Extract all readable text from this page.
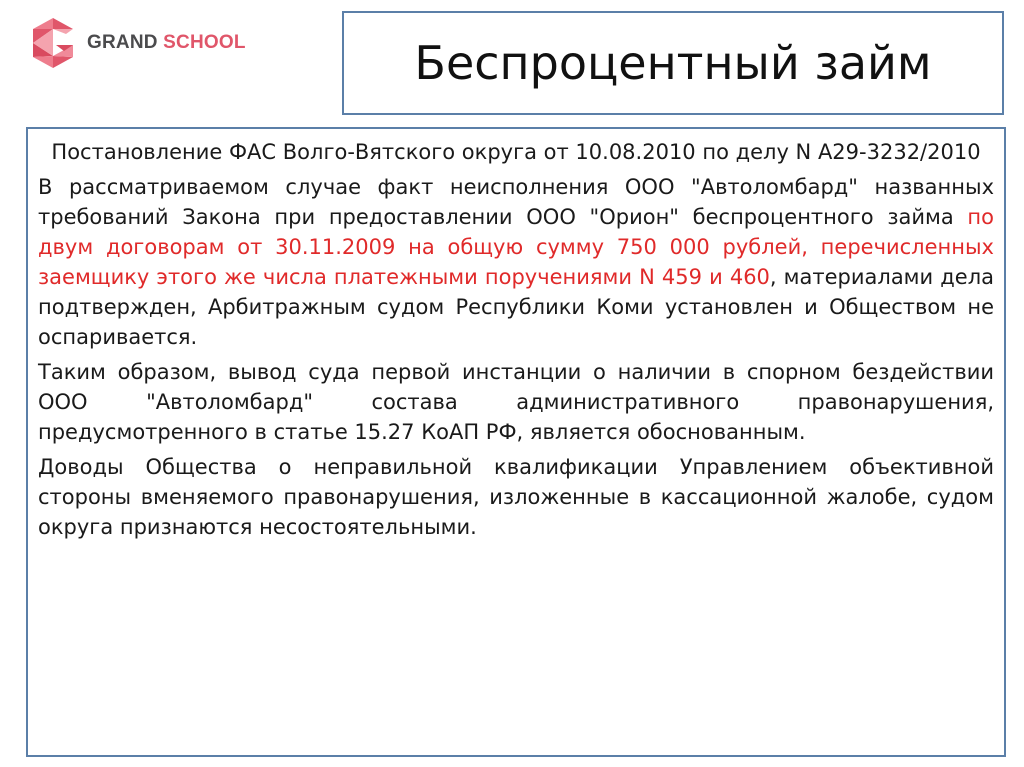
GRAND SCHOOL	Беспроцентный займ

Постановление ФАС Волго-Вятского округа от 10.08.2010 по делу N А29-3232/2010

В рассматриваемом случае факт неисполнения ООО "Автоломбард" названных требований Закона при предоставлении ООО "Орион" беспроцентного займа по двум договорам от 30.11.2009 на общую сумму 750 000 рублей, перечисленных заемщику этого же числа платежными поручениями N 459 и 460, материалами дела подтвержден, Арбитражным судом Республики Коми установлен и Обществом не оспаривается.

Таким образом, вывод суда первой инстанции о наличии в спорном бездействии ООО "Автоломбард" состава административного правонарушения, предусмотренного в статье 15.27 КоАП РФ, является обоснованным.

Доводы Общества о неправильной квалификации Управлением объективной стороны вменяемого правонарушения, изложенные в кассационной жалобе, судом округа признаются несостоятельными.
